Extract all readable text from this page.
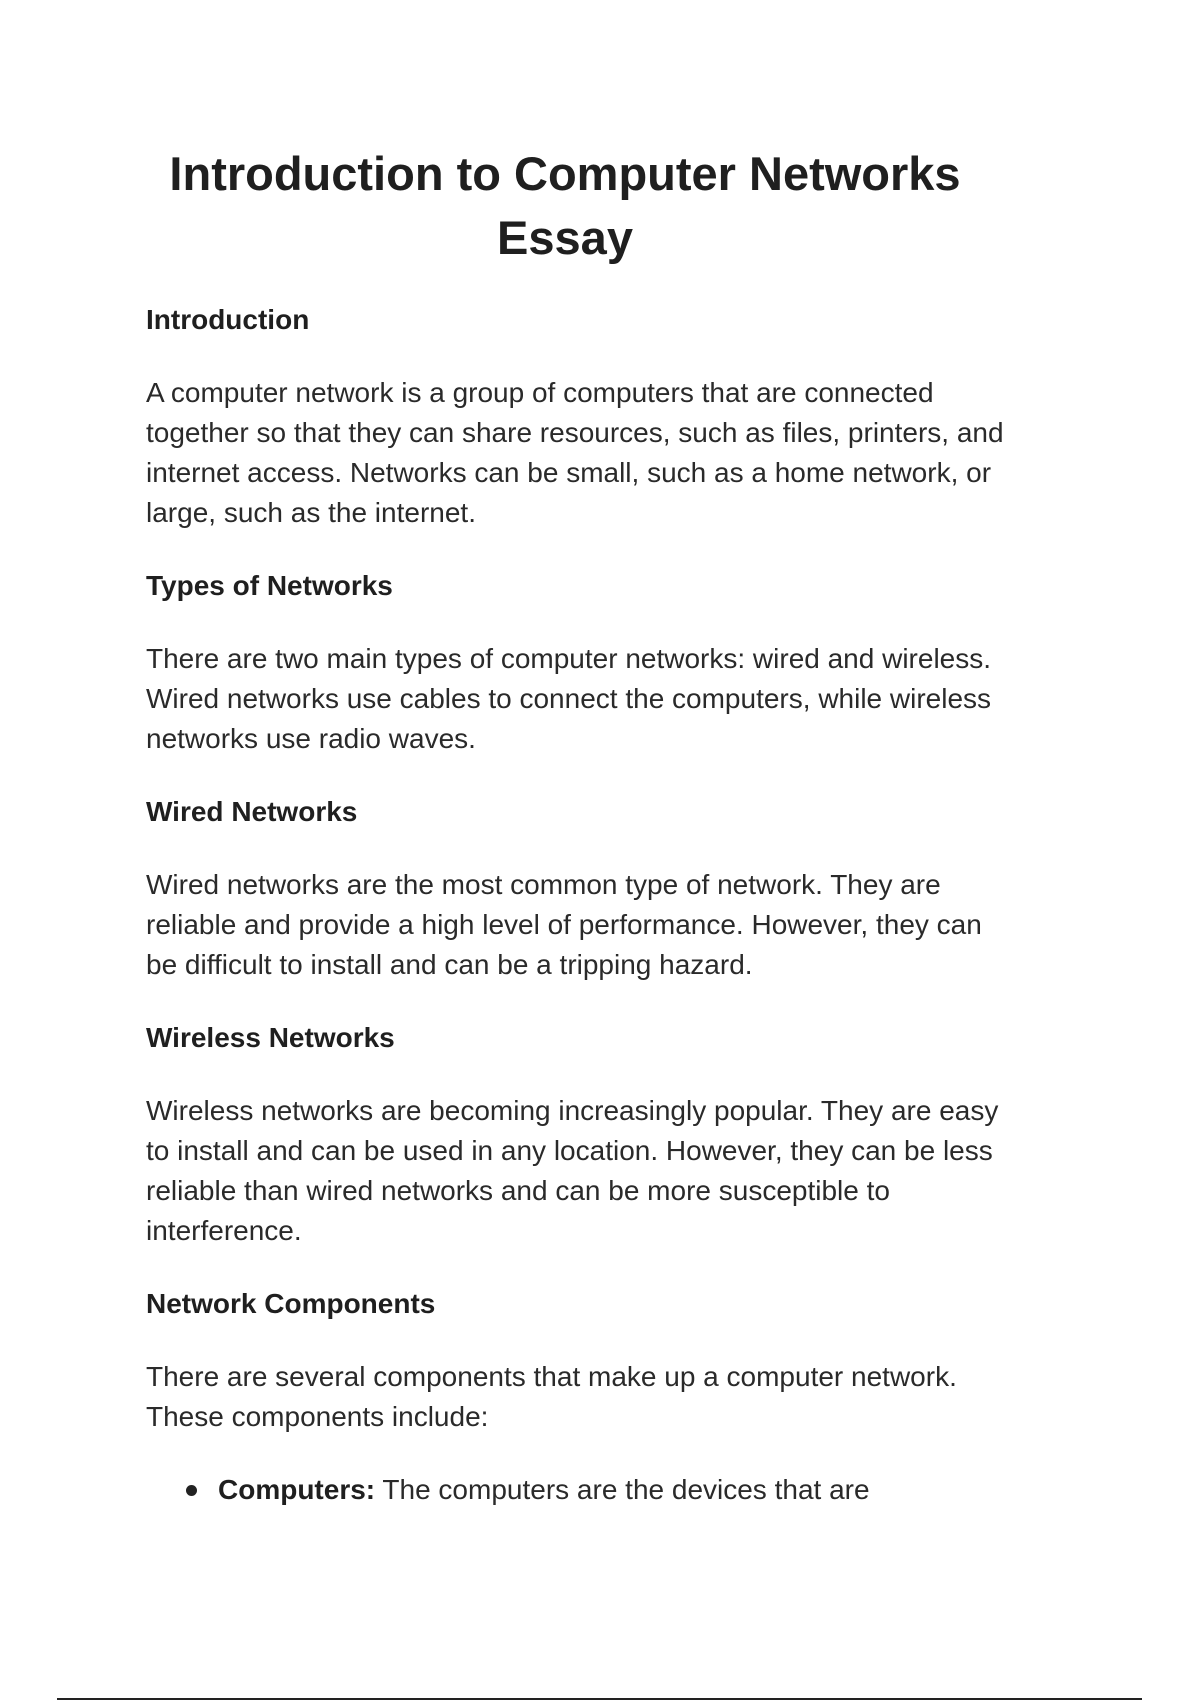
Introduction to Computer Networks Essay
Introduction

A computer network is a group of computers that are connected together so that they can share resources, such as files, printers, and internet access. Networks can be small, such as a home network, or large, such as the internet.

Types of Networks

There are two main types of computer networks: wired and wireless. Wired networks use cables to connect the computers, while wireless networks use radio waves.

Wired Networks

Wired networks are the most common type of network. They are reliable and provide a high level of performance. However, they can be difficult to install and can be a tripping hazard.

Wireless Networks

Wireless networks are becoming increasingly popular. They are easy to install and can be used in any location. However, they can be less reliable than wired networks and can be more susceptible to interference.

Network Components

There are several components that make up a computer network. These components include:

Computers: The computers are the devices that are
